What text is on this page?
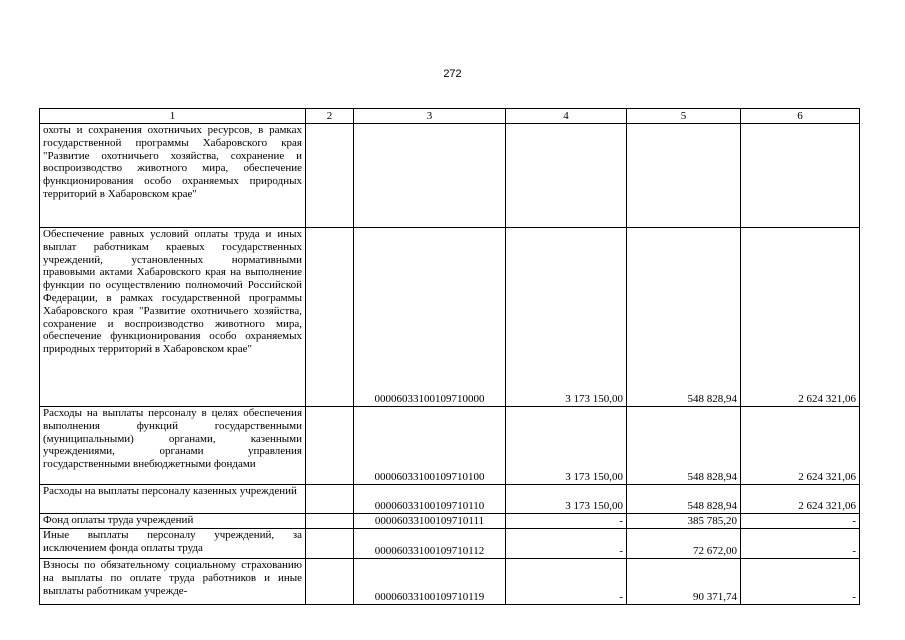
272
1	2	3	4	5	6
охоты и сохранения охотничьих ресурсов, в рамках государственной программы Хабаровского края "Развитие охотничьего хозяйства, сохранение и воспроизводство животного мира, обеспечение функционирования особо охраняемых природных территорий в Хабаровском крае"					
Обеспечение равных условий оплаты труда и иных выплат работникам краевых государственных учреждений, установленных нормативными правовыми актами Хабаровского края на выполнение функции по осуществлению полномочий Российской Федерации, в рамках государственной программы Хабаровского края "Развитие охотничьего хозяйства, сохранение и воспроизводство животного мира, обеспечение функционирования особо охраняемых природных территорий в Хабаровском крае"		00006033100109710000	3 173 150,00	548 828,94	2 624 321,06
Расходы на выплаты персоналу в целях обеспечения выполнения функций государственными (муниципальными) органами, казенными учреждениями, органами управления государственными внебюджетными фондами		00006033100109710100	3 173 150,00	548 828,94	2 624 321,06
Расходы на выплаты персоналу казенных учреждений		00006033100109710110	3 173 150,00	548 828,94	2 624 321,06
Фонд оплаты труда учреждений		00006033100109710111	-	385 785,20	-
Иные выплаты персоналу учреждений, за исключением фонда оплаты труда		00006033100109710112	-	72 672,00	-
Взносы по обязательному социальному страхованию на выплаты по оплате труда работников и иные выплаты работникам учрежде-		00006033100109710119	-	90 371,74	-
